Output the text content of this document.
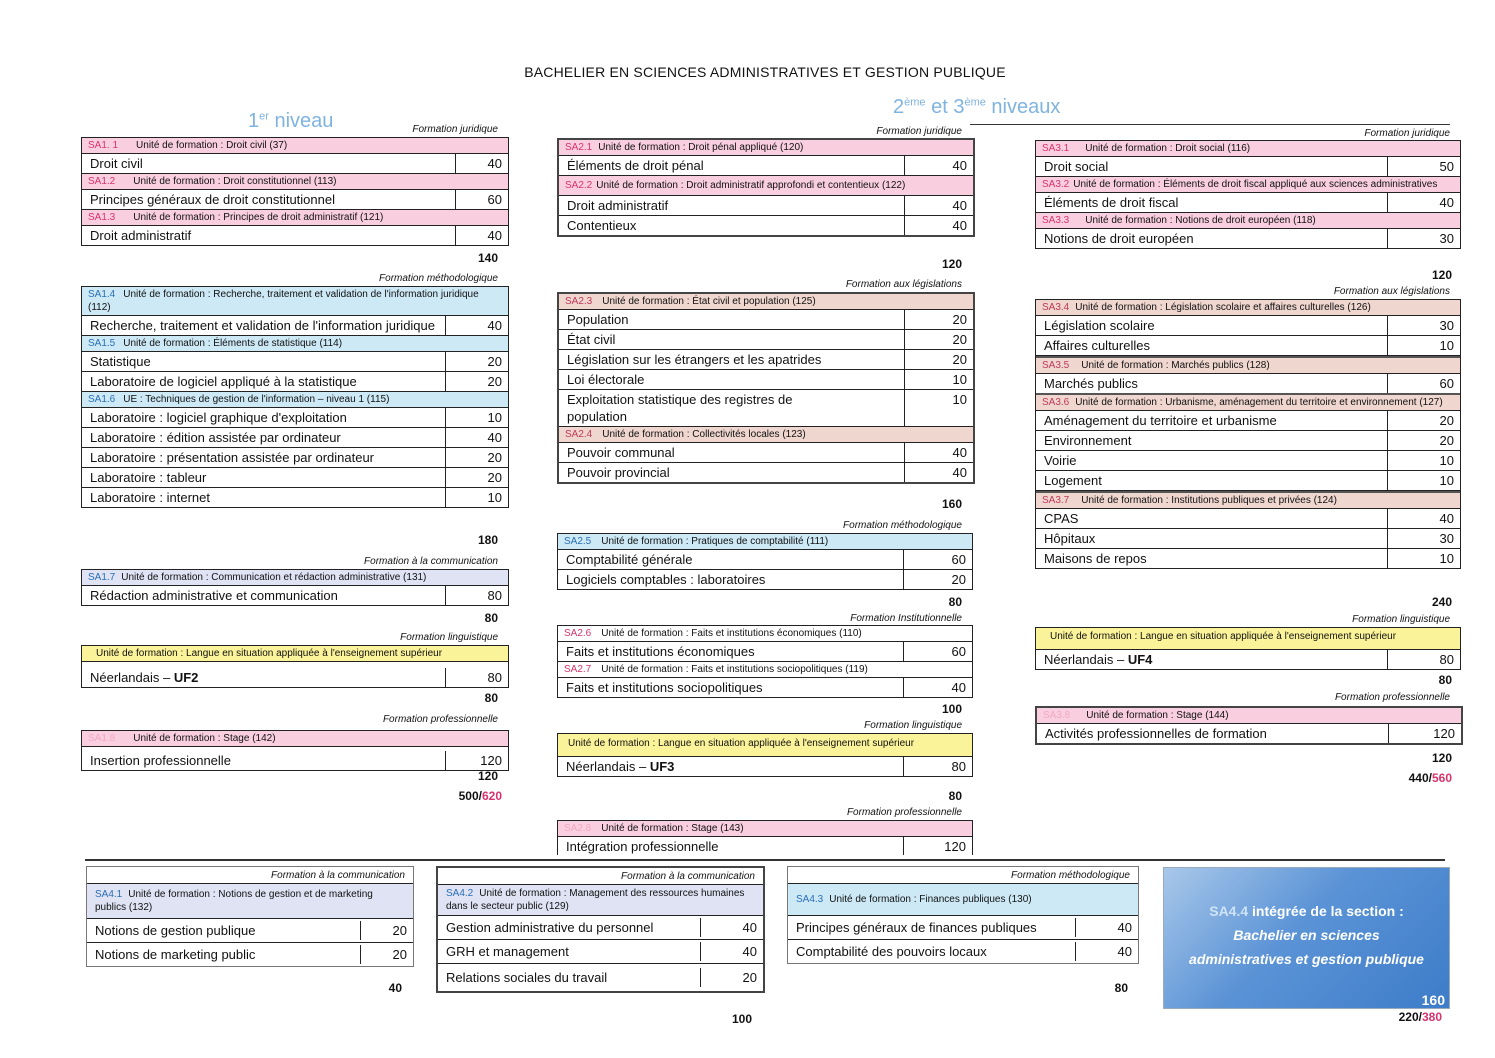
BACHELIER EN SCIENCES ADMINISTRATIVES ET GESTION PUBLIQUE
1er niveau
2ème et 3ème niveaux
Formation juridique
SA1. 1 Unité de formation : Droit civil (37)
Droit civil	40
SA1.2 Unité de formation : Droit constitutionnel (113)
Principes généraux de droit constitutionnel	60
SA1.3 Unité de formation : Principes de droit administratif (121)
Droit administratif	40
140
Formation méthodologique
SA1.4 Unité de formation : Recherche, traitement et validation de l'information juridique (112)
Recherche, traitement et validation de l'information juridique	40
SA1.5 Unité de formation : Éléments de statistique (114)
Statistique	20
Laboratoire de logiciel appliqué à la statistique	20
SA1.6 UE : Techniques de gestion de l'information – niveau 1 (115)
Laboratoire : logiciel graphique d'exploitation	10
Laboratoire : édition assistée par ordinateur	40
Laboratoire : présentation assistée par ordinateur	20
Laboratoire : tableur	20
Laboratoire : internet	10
180
Formation à la communication
SA1.7 Unité de formation : Communication et rédaction administrative (131)
Rédaction administrative et communication	80
80
Formation linguistique
Unité de formation : Langue en situation appliquée à l'enseignement supérieur
Néerlandais – UF2	80
80
Formation professionnelle
SA1.8 Unité de formation : Stage (142)
Insertion professionnelle	120
120
500/620
Formation juridique
SA2.1 Unité de formation : Droit pénal appliqué (120)
Éléments de droit pénal	40
SA2.2 Unité de formation : Droit administratif approfondi et contentieux (122)
Droit administratif	40
Contentieux	40
120
Formation aux législations
SA2.3 Unité de formation : État civil et population (125)
Population	20
État civil	20
Législation sur les étrangers et les apatrides	20
Loi électorale	10
Exploitation statistique des registres de population
10
SA2.4 Unité de formation : Collectivités locales (123)
Pouvoir communal	40
Pouvoir provincial	40
160
Formation méthodologique
SA2.5 Unité de formation : Pratiques de comptabilité (111)
Comptabilité générale	60
Logiciels comptables : laboratoires	20
80
Formation Institutionnelle
SA2.6 Unité de formation : Faits et institutions économiques (110)
Faits et institutions économiques	60
SA2.7 Unité de formation : Faits et institutions sociopolitiques (119)
Faits et institutions sociopolitiques	40
100
Formation linguistique
Unité de formation : Langue en situation appliquée à l'enseignement supérieur
Néerlandais – UF3	80
80
Formation professionnelle
SA2.8 Unité de formation : Stage (143)
Intégration professionnelle	120
Formation juridique
SA3.1 Unité de formation : Droit social (116)
Droit social	50
SA3.2 Unité de formation : Éléments de droit fiscal appliqué aux sciences administratives
Éléments de droit fiscal	40
SA3.3 Unité de formation : Notions de droit européen (118)
Notions de droit européen	30
120
Formation aux législations
SA3.4 Unité de formation : Législation scolaire et affaires culturelles (126)
Législation scolaire	30
Affaires culturelles	10
SA3.5 Unité de formation : Marchés publics (128)
Marchés publics	60
SA3.6 Unité de formation : Urbanisme, aménagement du territoire et environnement (127)
Aménagement du territoire et urbanisme	20
Environnement	20
Voirie	10
Logement	10
SA3.7 Unité de formation : Institutions publiques et privées (124)
CPAS	40
Hôpitaux	30
Maisons de repos	10
240
Formation linguistique
Unité de formation : Langue en situation appliquée à l'enseignement supérieur
Néerlandais – UF4	80
80
Formation professionnelle
SA3.8 Unité de formation : Stage (144)
Activités professionnelles de formation	120
120
440/560
Formation à la communication
SA4.1 Unité de formation : Notions de gestion et de marketing publics (132)
Notions de gestion publique	20
Notions de marketing public	20
40
Formation à la communication
SA4.2 Unité de formation : Management des ressources humaines dans le secteur public (129)
Gestion administrative du personnel	40
GRH et management	40
Relations sociales du travail	20
100
Formation méthodologique
SA4.3 Unité de formation : Finances publiques (130)
Principes généraux de finances publiques	40
Comptabilité des pouvoirs locaux	40
80
SA4.4 intégrée de la section :
Bachelier en sciences
administratives et gestion publique
160
220/380
